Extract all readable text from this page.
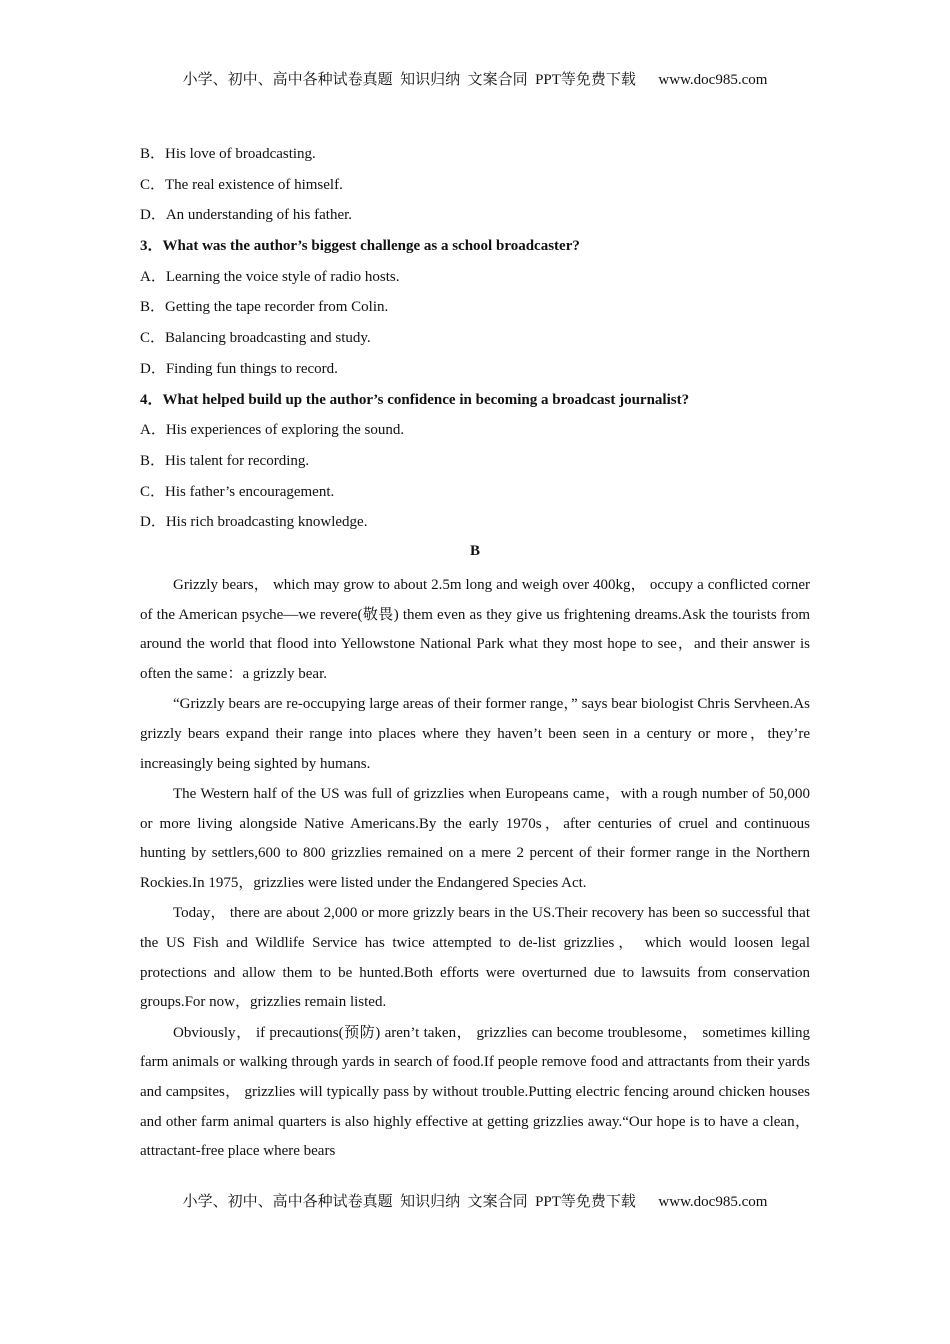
小学、初中、高中各种试卷真题  知识归纳  文案合同  PPT等免费下载      www.doc985.com
B．His love of broadcasting.
C．The real existence of himself.
D．An understanding of his father.
3．What was the author’s biggest challenge as a school broadcaster?
A．Learning the voice style of radio hosts.
B．Getting the tape recorder from Colin.
C．Balancing broadcasting and study.
D．Finding fun things to record.
4．What helped build up the author’s confidence in becoming a broadcast journalist?
A．His experiences of exploring the sound.
B．His talent for recording.
C．His father’s encouragement.
D．His rich broadcasting knowledge.
B

Grizzly bears， which may grow to about 2.5m long and weigh over 400kg， occupy a conflicted corner of the American psyche—we revere(敬畏) them even as they give us frightening dreams.Ask the tourists from around the world that flood into Yellowstone National Park what they most hope to see，and their answer is often the same：a grizzly bear.

“Grizzly bears are re-occupying large areas of their former range，” says bear biologist Chris Servheen.As grizzly bears expand their range into places where they haven’t been seen in a century or more，they’re increasingly being sighted by humans.

The Western half of the US was full of grizzlies when Europeans came，with a rough number of 50,000 or more living alongside Native Americans.By the early 1970s，after centuries of cruel and continuous hunting by settlers,600 to 800 grizzlies remained on a mere 2 percent of their former range in the Northern Rockies.In 1975，grizzlies were listed under the Endangered Species Act.

Today， there are about 2,000 or more grizzly bears in the US.Their recovery has been so successful that the US Fish and Wildlife Service has twice attempted to de-list grizzlies， which would loosen legal protections and allow them to be hunted.Both efforts were overturned due to lawsuits from conservation groups.For now，grizzlies remain listed.

Obviously， if precautions(预防) aren’t taken， grizzlies can become troublesome， sometimes killing farm animals or walking through yards in search of food.If people remove food and attractants from their yards and campsites， grizzlies will typically pass by without trouble.Putting electric fencing around chicken houses and other farm animal quarters is also highly effective at getting grizzlies away.“Our hope is to have a clean，attractant-free place where bears

小学、初中、高中各种试卷真题  知识归纳  文案合同  PPT等免费下载      www.doc985.com
